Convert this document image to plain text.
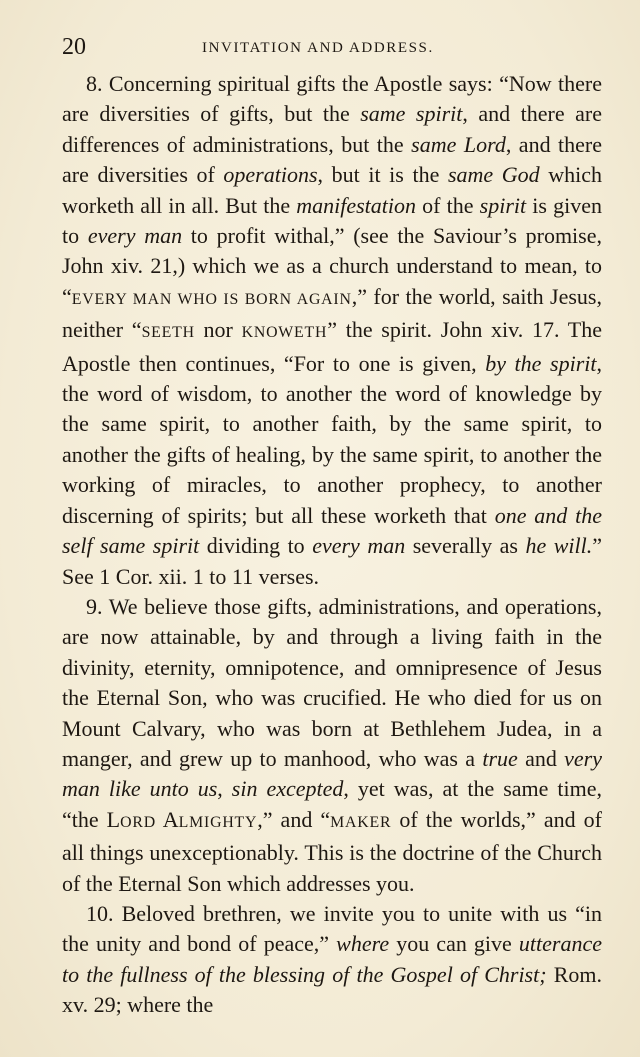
20	INVITATION AND ADDRESS.

8. Concerning spiritual gifts the Apostle says: “Now there are diversities of gifts, but the same spirit, and there are differences of administrations, but the same Lord, and there are diversities of operations, but it is the same God which worketh all in all. But the manifestation of the spirit is given to every man to profit withal,” (see the Saviour’s promise, John xiv. 21,) which we as a church understand to mean, to “EVERY MAN WHO IS BORN AGAIN,” for the world, saith Jesus, neither “SEETH nor KNOWETH” the spirit. John xiv. 17. The Apostle then continues, “For to one is given, by the spirit, the word of wisdom, to another the word of knowledge by the same spirit, to another faith, by the same spirit, to another the gifts of healing, by the same spirit, to another the working of miracles, to another prophecy, to another discerning of spirits; but all these worketh that one and the self same spirit dividing to every man severally as he will.” See 1 Cor. xii. 1 to 11 verses.

9. We believe those gifts, administrations, and operations, are now attainable, by and through a living faith in the divinity, eternity, omnipotence, and omnipresence of Jesus the Eternal Son, who was crucified. He who died for us on Mount Calvary, who was born at Bethlehem Judea, in a manger, and grew up to manhood, who was a true and very man like unto us, sin excepted, yet was, at the same time, “the LORD ALMIGHTY,” and “MAKER of the worlds,” and of all things unexceptionably. This is the doctrine of the Church of the Eternal Son which addresses you.

10. Beloved brethren, we invite you to unite with us “in the unity and bond of peace,” where you can give utterance to the fullness of the blessing of the Gospel of Christ; Rom. xv. 29; where the
